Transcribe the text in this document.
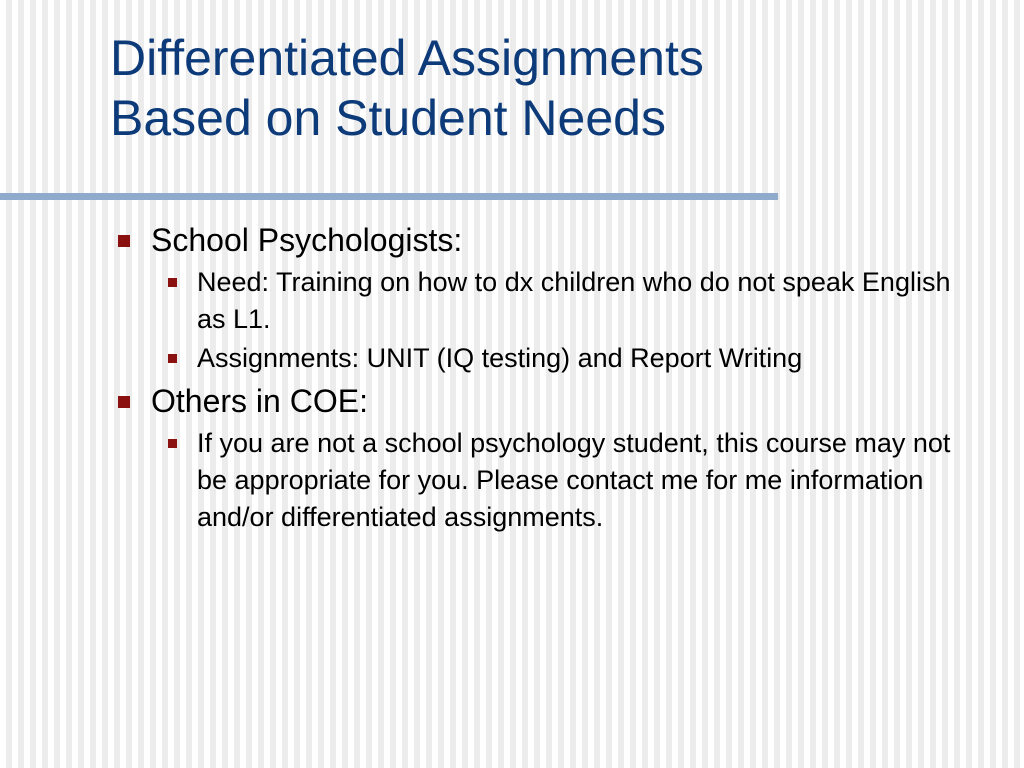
Differentiated Assignments
Based on Student Needs
School Psychologists:
Need: Training on how to dx children who do not speak English as L1.
Assignments: UNIT (IQ testing) and Report Writing
Others in COE:
If you are not a school psychology student, this course may not be appropriate for you. Please contact me for me information and/or differentiated assignments.
